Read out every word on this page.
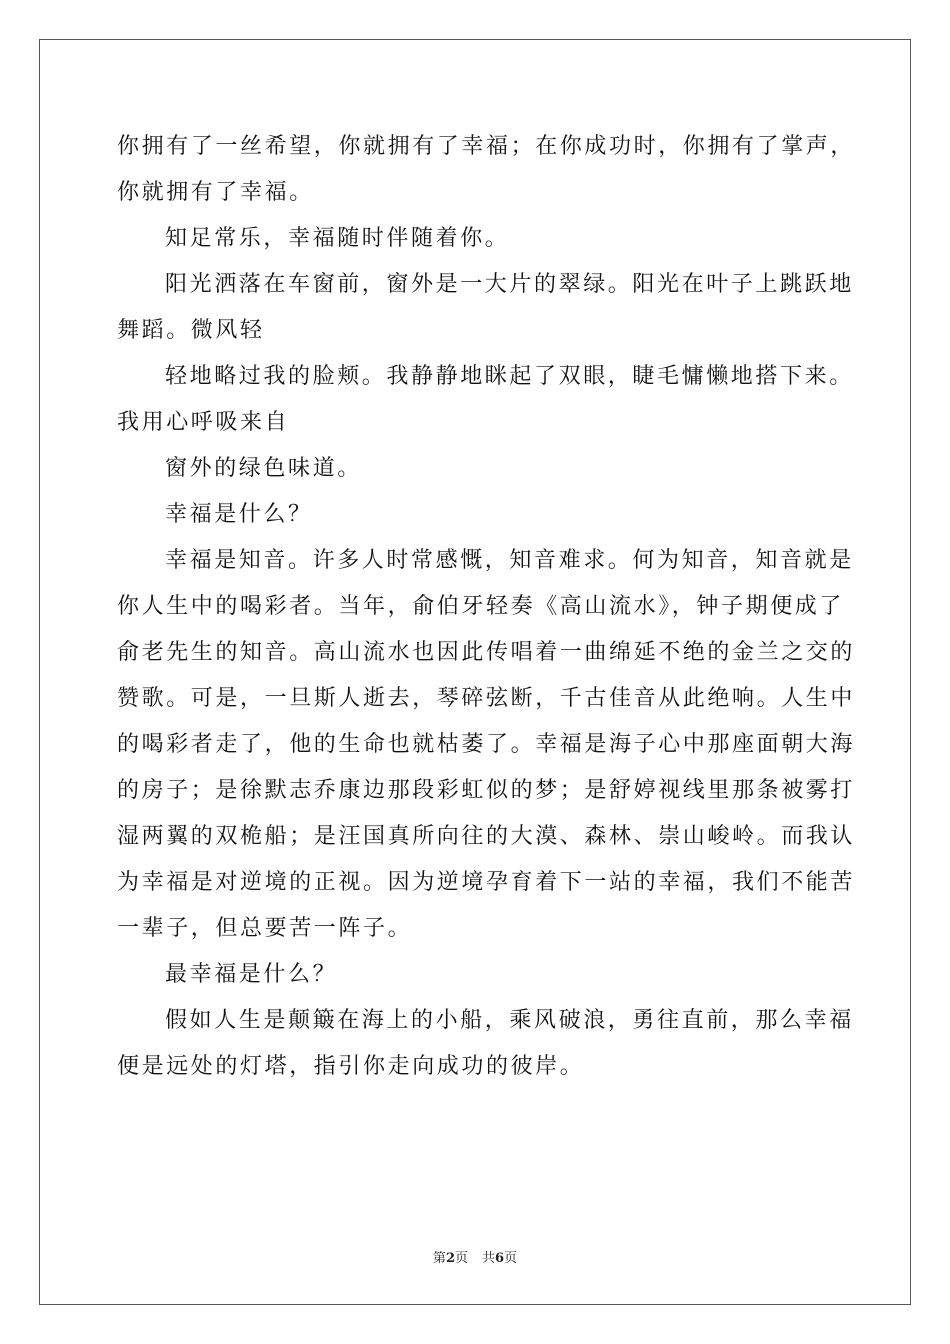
你拥有了一丝希望，你就拥有了幸福；在你成功时，你拥有了掌声，
你就拥有了幸福。
知足常乐，幸福随时伴随着你。
阳光洒落在车窗前，窗外是一大片的翠绿。阳光在叶子上跳跃地
舞蹈。微风轻
轻地略过我的脸颊。我静静地眯起了双眼，睫毛慵懒地搭下来。
我用心呼吸来自
窗外的绿色味道。
幸福是什么？
幸福是知音。许多人时常感慨，知音难求。何为知音，知音就是
你人生中的喝彩者。当年，俞伯牙轻奏《高山流水》，钟子期便成了
俞老先生的知音。高山流水也因此传唱着一曲绵延不绝的金兰之交的
赞歌。可是，一旦斯人逝去，琴碎弦断，千古佳音从此绝响。人生中
的喝彩者走了，他的生命也就枯萎了。幸福是海子心中那座面朝大海
的房子；是徐默志乔康边那段彩虹似的梦；是舒婷视线里那条被雾打
湿两翼的双桅船；是汪国真所向往的大漠、森林、崇山峻岭。而我认
为幸福是对逆境的正视。因为逆境孕育着下一站的幸福，我们不能苦
一辈子，但总要苦一阵子。
最幸福是什么？
假如人生是颠簸在海上的小船，乘风破浪，勇往直前，那么幸福
便是远处的灯塔，指引你走向成功的彼岸。
第2页 共6页
